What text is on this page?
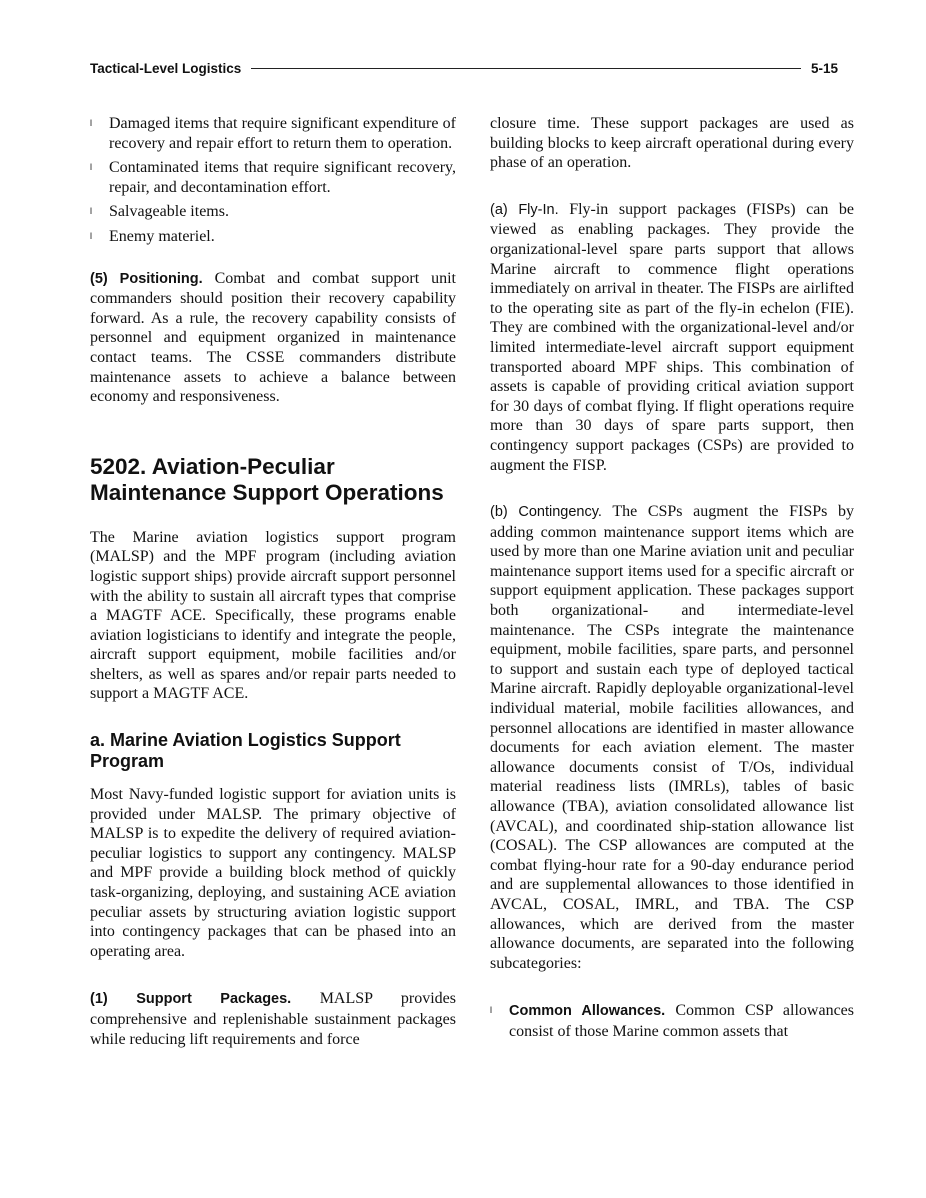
Tactical-Level Logistics	5-15
l Damaged items that require significant expenditure of recovery and repair effort to return them to operation.
l Contaminated items that require significant recovery, repair, and decontamination effort.
l Salvageable items.
l Enemy materiel.

(5) Positioning. Combat and combat support unit commanders should position their recovery capability forward. As a rule, the recovery capability consists of personnel and equipment organized in maintenance contact teams. The CSSE commanders distribute maintenance assets to achieve a balance between economy and responsiveness.

5202. Aviation-Peculiar
Maintenance Support Operations

The Marine aviation logistics support program (MALSP) and the MPF program (including aviation logistic support ships) provide aircraft support personnel with the ability to sustain all aircraft types that comprise a MAGTF ACE. Specifically, these programs enable aviation logisticians to identify and integrate the people, aircraft support equipment, mobile facilities and/or shelters, as well as spares and/or repair parts needed to support a MAGTF ACE.

a. Marine Aviation Logistics Support Program

Most Navy-funded logistic support for aviation units is provided under MALSP. The primary objective of MALSP is to expedite the delivery of required aviation-peculiar logistics to support any contingency. MALSP and MPF provide a building block method of quickly task-organizing, deploying, and sustaining ACE aviation peculiar assets by structuring aviation logistic support into contingency packages that can be phased into an operating area.

(1) Support Packages. MALSP provides comprehensive and replenishable sustainment packages while reducing lift requirements and force

closure time. These support packages are used as building blocks to keep aircraft operational during every phase of an operation.

(a) Fly-In. Fly-in support packages (FISPs) can be viewed as enabling packages. They provide the organizational-level spare parts support that allows Marine aircraft to commence flight operations immediately on arrival in theater. The FISPs are airlifted to the operating site as part of the fly-in echelon (FIE). They are combined with the organizational-level and/or limited intermediate-level aircraft support equipment transported aboard MPF ships. This combination of assets is capable of providing critical aviation support for 30 days of combat flying. If flight operations require more than 30 days of spare parts support, then contingency support packages (CSPs) are provided to augment the FISP.

(b) Contingency. The CSPs augment the FISPs by adding common maintenance support items which are used by more than one Marine aviation unit and peculiar maintenance support items used for a specific aircraft or support equipment application. These packages support both organizational- and intermediate-level maintenance. The CSPs integrate the maintenance equipment, mobile facilities, spare parts, and personnel to support and sustain each type of deployed tactical Marine aircraft. Rapidly deployable organizational-level individual material, mobile facilities allowances, and personnel allocations are identified in master allowance documents for each aviation element. The master allowance documents consist of T/Os, individual material readiness lists (IMRLs), tables of basic allowance (TBA), aviation consolidated allowance list (AVCAL), and coordinated ship-station allowance list (COSAL). The CSP allowances are computed at the combat flying-hour rate for a 90-day endurance period and are supplemental allowances to those identified in AVCAL, COSAL, IMRL, and TBA. The CSP allowances, which are derived from the master allowance documents, are separated into the following subcategories:

l Common Allowances. Common CSP allowances consist of those Marine common assets that
